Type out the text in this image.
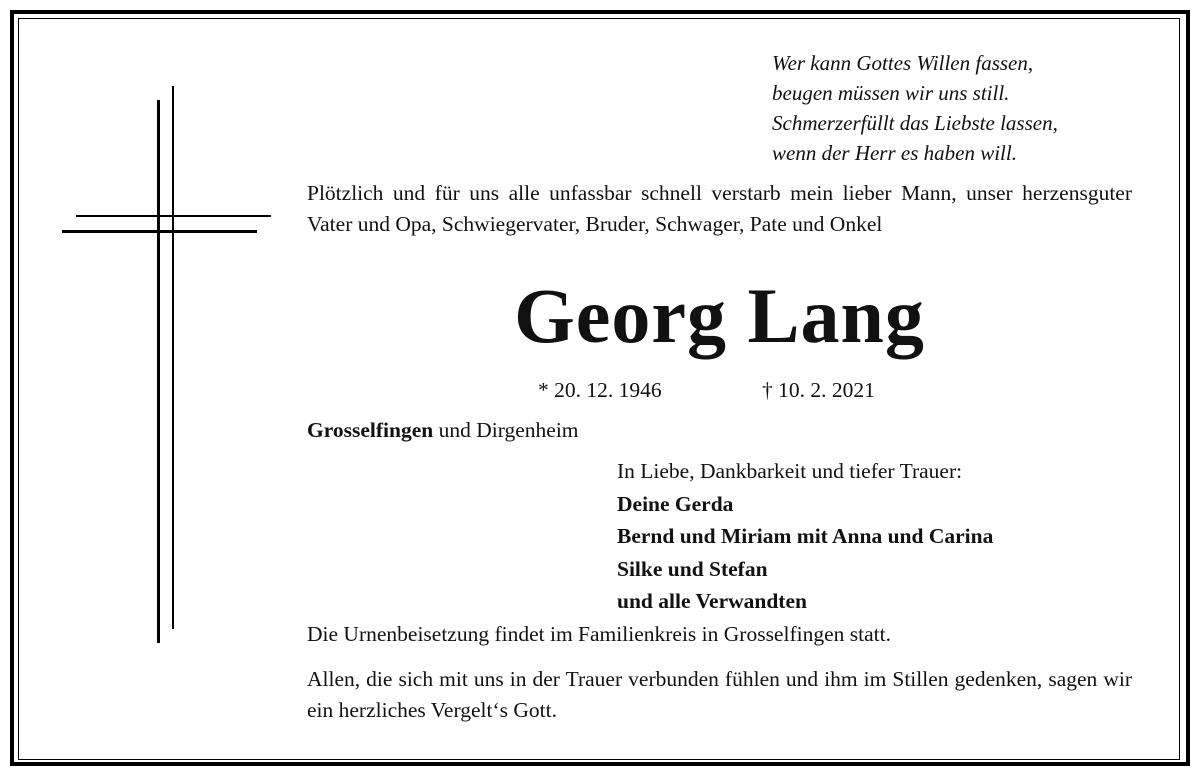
Wer kann Gottes Willen fassen,
beugen müssen wir uns still.
Schmerzerfüllt das Liebste lassen,
wenn der Herr es haben will.
Plötzlich und für uns alle unfassbar schnell verstarb mein lieber Mann, unser herzensguter Vater und Opa, Schwiegervater, Bruder, Schwager, Pate und Onkel
Georg Lang
* 20. 12. 1946	† 10. 2. 2021
Grosselfingen und Dirgenheim
In Liebe, Dankbarkeit und tiefer Trauer:
Deine Gerda
Bernd und Miriam mit Anna und Carina
Silke und Stefan
und alle Verwandten
Die Urnenbeisetzung findet im Familienkreis in Grosselfingen statt.
Allen, die sich mit uns in der Trauer verbunden fühlen und ihm im Stillen gedenken, sagen wir ein herzliches Vergelt‘s Gott.
